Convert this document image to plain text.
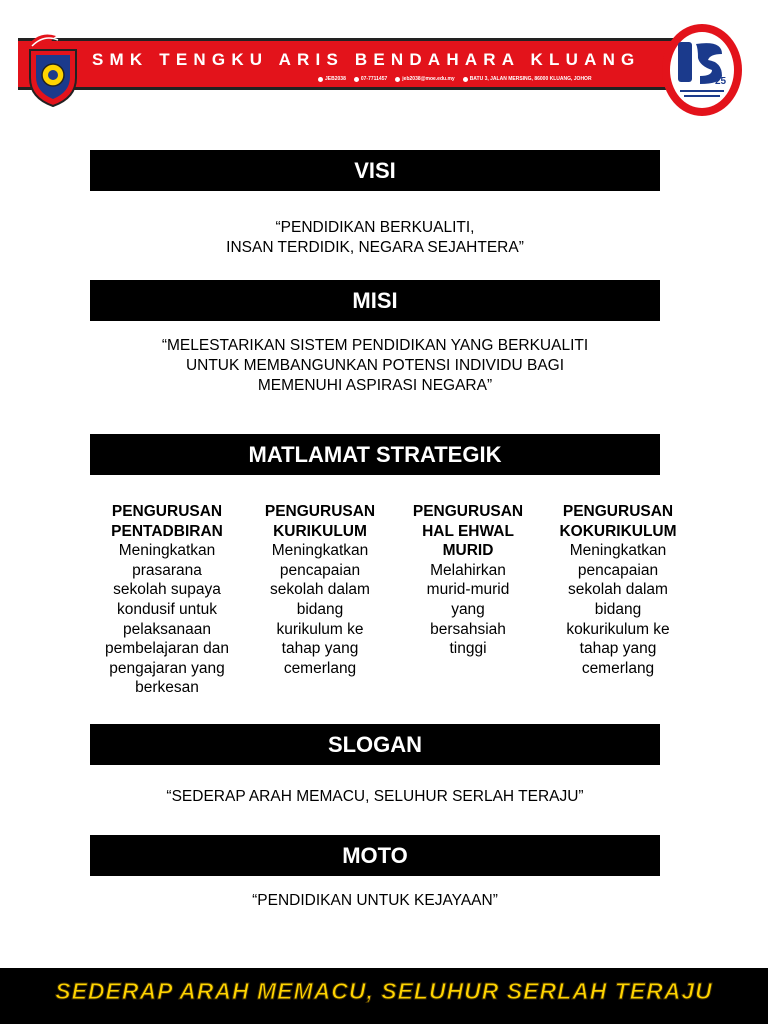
SMK TENGKU ARIS BENDAHARA KLUANG
JEB2038	07-7711457	jeb2038@moe.edu.my	BATU 3, JALAN MERSING, 86000 KLUANG, JOHOR	25
VISI
“PENDIDIKAN BERKUALITI,
INSAN TERDIDIK, NEGARA SEJAHTERA”
MISI
“MELESTARIKAN SISTEM PENDIDIKAN YANG BERKUALITI
UNTUK MEMBANGUNKAN POTENSI INDIVIDU BAGI
MEMENUHI ASPIRASI NEGARA”
MATLAMAT STRATEGIK
PENGURUSAN
PENTADBIRAN
Meningkatkan
prasarana
sekolah supaya
kondusif untuk
pelaksanaan
pembelajaran dan
pengajaran yang
berkesan
PENGURUSAN
KURIKULUM
Meningkatkan
pencapaian
sekolah dalam
bidang
kurikulum ke
tahap yang
cemerlang
PENGURUSAN
HAL EHWAL
MURID
Melahirkan
murid-murid
yang
bersahsiah
tinggi
PENGURUSAN
KOKURIKULUM
Meningkatkan
pencapaian
sekolah dalam
bidang
kokurikulum ke
tahap yang
cemerlang
SLOGAN
“SEDERAP ARAH MEMACU, SELUHUR SERLAH TERAJU”
MOTO
“PENDIDIKAN UNTUK KEJAYAAN”
SEDERAP ARAH MEMACU, SELUHUR SERLAH TERAJU
